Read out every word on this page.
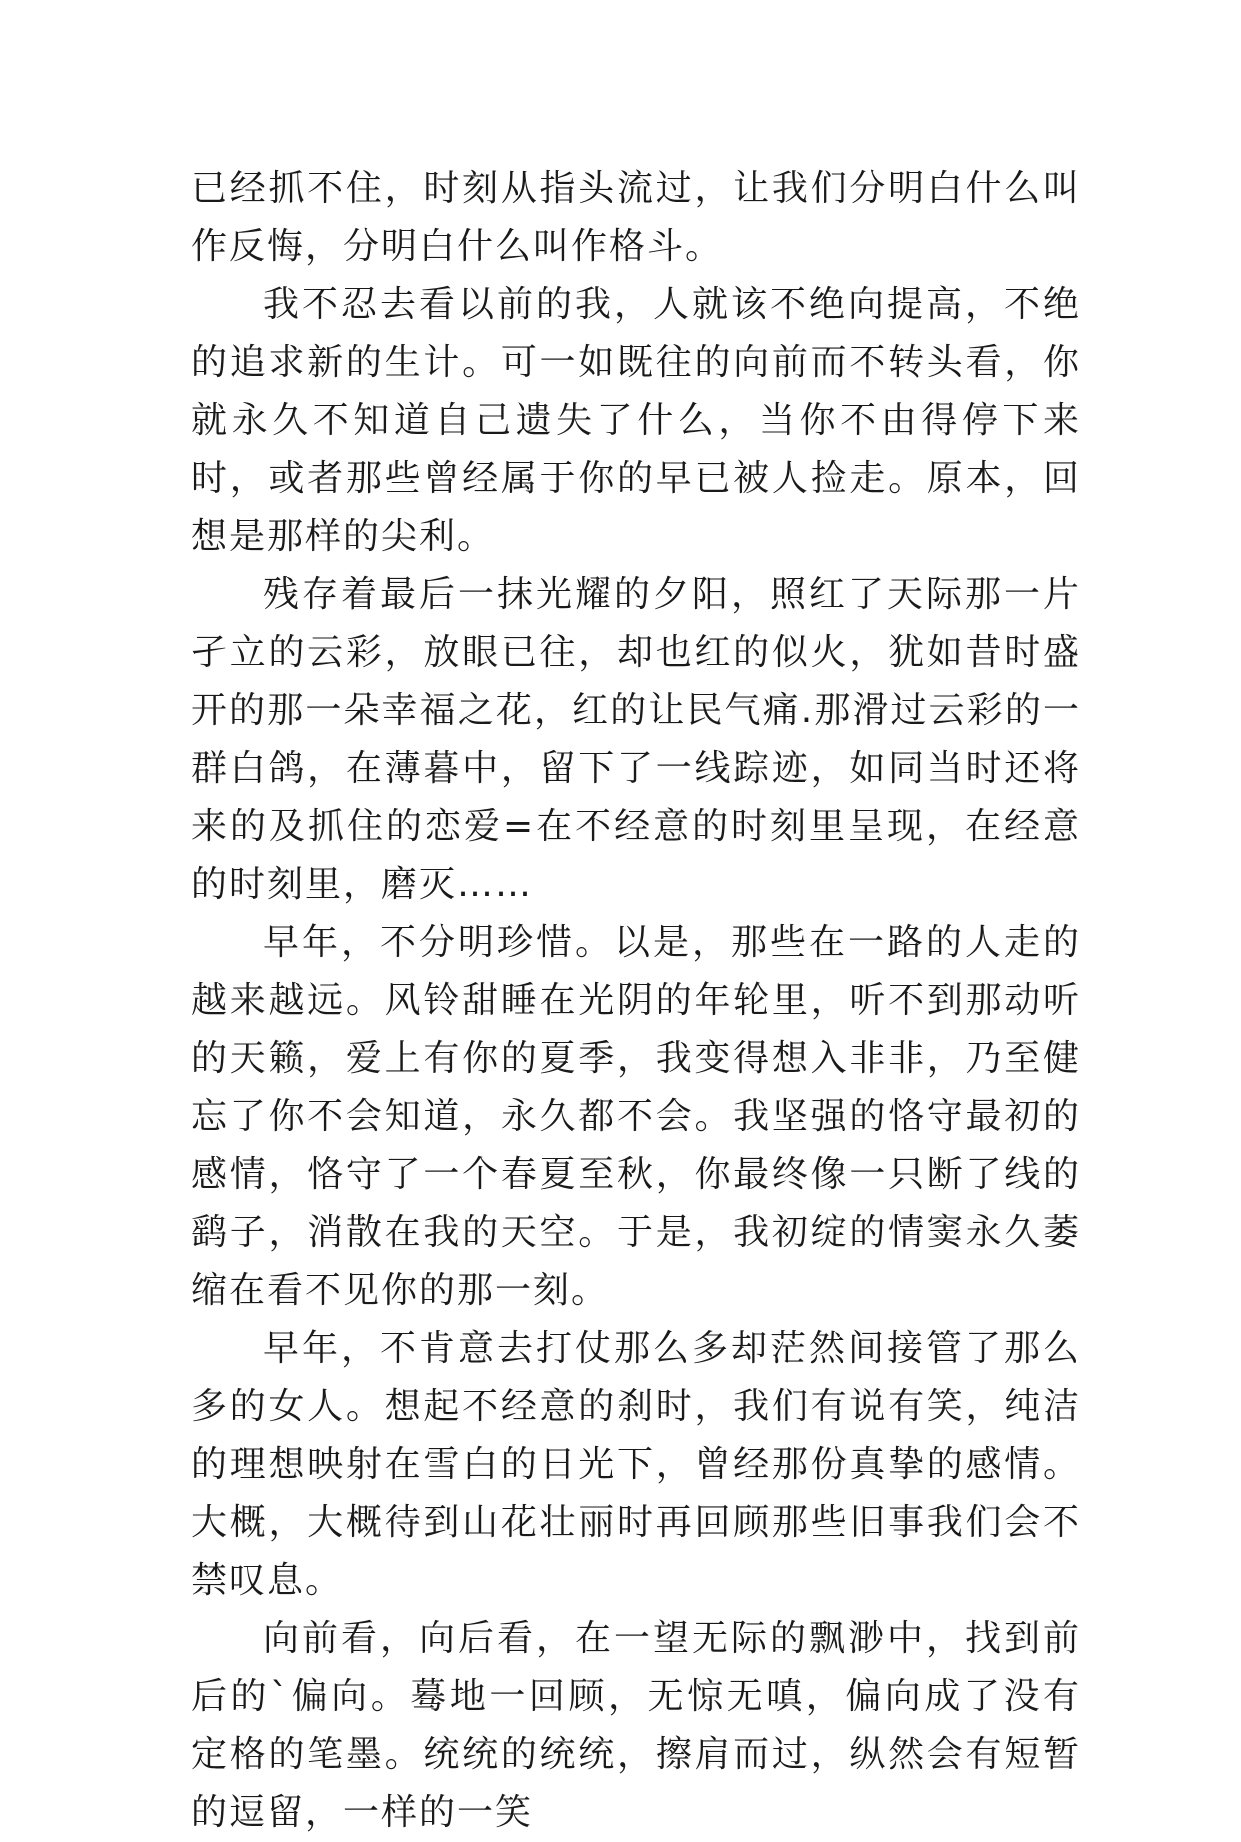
已经抓不住，时刻从指头流过，让我们分明白什么叫作反悔，分明白什么叫作格斗。

我不忍去看以前的我，人就该不绝向提高，不绝的追求新的生计。可一如既往的向前而不转头看，你就永久不知道自己遗失了什么，当你不由得停下来时，或者那些曾经属于你的早已被人捡走。原本，回想是那样的尖利。

残存着最后一抹光耀的夕阳，照红了天际那一片孑立的云彩，放眼已往，却也红的似火，犹如昔时盛开的那一朵幸福之花，红的让民气痛.那滑过云彩的一群白鸽，在薄暮中，留下了一线踪迹，如同当时还将来的及抓住的恋爱=在不经意的时刻里呈现，在经意的时刻里，磨灭……

早年，不分明珍惜。以是，那些在一路的人走的越来越远。风铃甜睡在光阴的年轮里，听不到那动听的天籁，爱上有你的夏季，我变得想入非非，乃至健忘了你不会知道，永久都不会。我坚强的恪守最初的感情，恪守了一个春夏至秋，你最终像一只断了线的鹞子，消散在我的天空。于是，我初绽的情窦永久萎缩在看不见你的那一刻。

早年，不肯意去打仗那么多却茫然间接管了那么多的女人。想起不经意的刹时，我们有说有笑，纯洁的理想映射在雪白的日光下，曾经那份真挚的感情。大概，大概待到山花壮丽时再回顾那些旧事我们会不禁叹息。

向前看，向后看，在一望无际的飘渺中，找到前后的`偏向。蓦地一回顾，无惊无嗔，偏向成了没有定格的笔墨。统统的统统，擦肩而过，纵然会有短暂的逗留，一样的一笑
